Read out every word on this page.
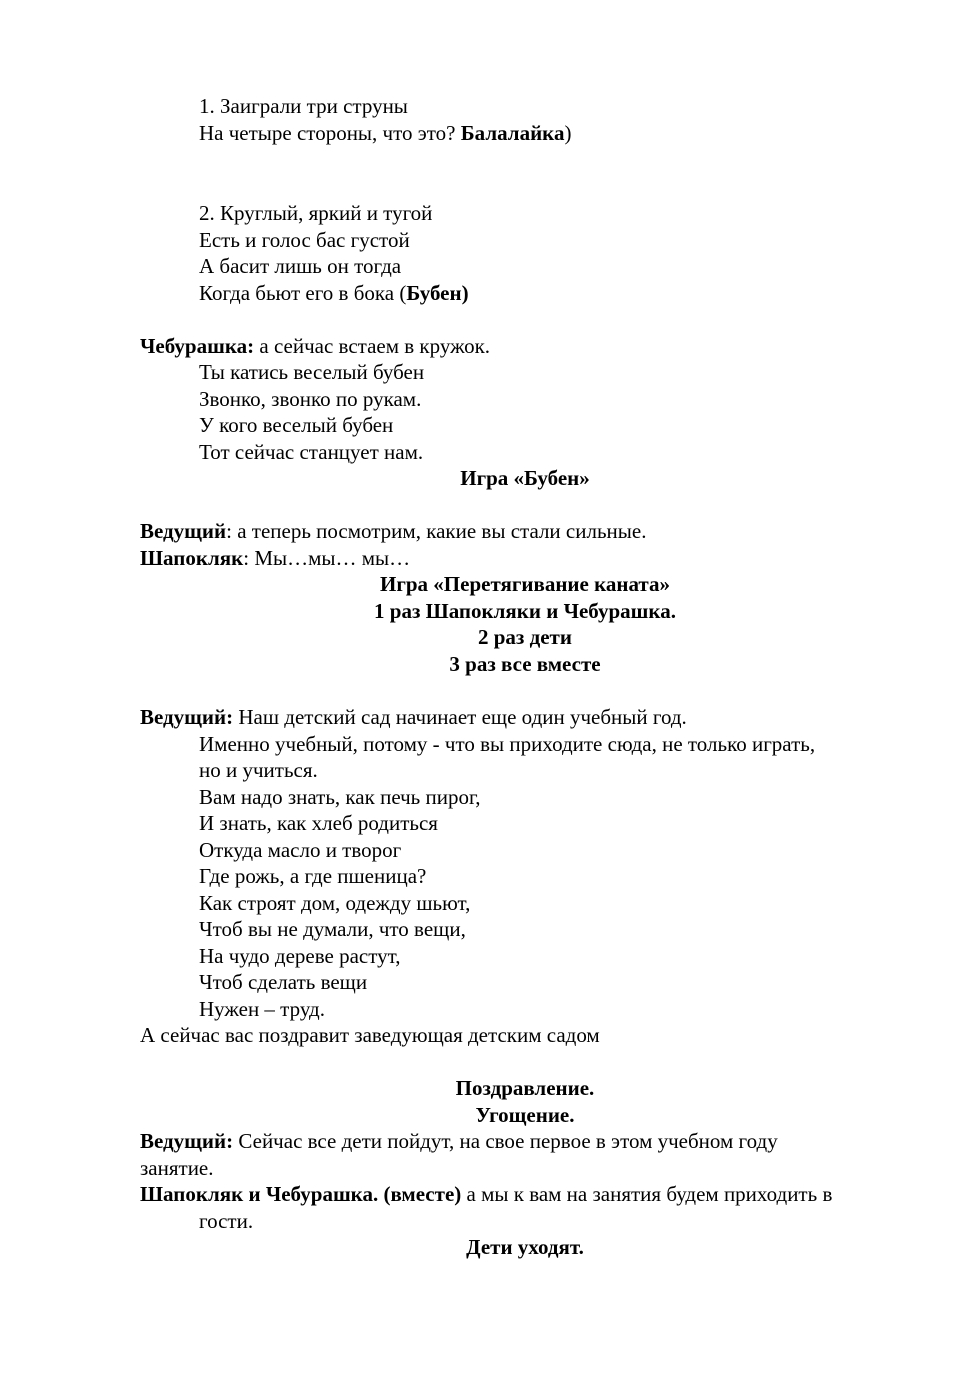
1. Заиграли три струны
На четыре стороны, что это? Балалайка)
2. Круглый, яркий и тугой
Есть и голос бас густой
А басит лишь он тогда
Когда бьют его в бока (Бубен)
Чебурашка: а сейчас встаем в кружок.
Ты катись веселый бубен
Звонко, звонко по рукам.
У кого веселый бубен
Тот сейчас станцует нам.
Игра «Бубен»
Ведущий: а теперь посмотрим, какие вы стали сильные.
Шапокляк: Мы…мы… мы…
Игра «Перетягивание каната»
1 раз Шапокляки и Чебурашка.
2 раз дети
3 раз все вместе
Ведущий: Наш детский сад начинает еще один учебный год.
Именно учебный, потому - что вы приходите сюда, не только играть,
но и учиться.
Вам надо знать, как печь пирог,
И знать, как хлеб родиться
Откуда масло и творог
Где рожь, а где пшеница?
Как строят дом, одежду шьют,
Чтоб вы не думали, что вещи,
На чудо дереве растут,
Чтоб сделать вещи
Нужен – труд.
А сейчас вас поздравит заведующая детским садом
Поздравление.
Угощение.
Ведущий: Сейчас все дети пойдут, на свое первое в этом учебном году
занятие.
Шапокляк и Чебурашка. (вместе) а мы к вам на занятия будем приходить в
гости.
Дети уходят.
